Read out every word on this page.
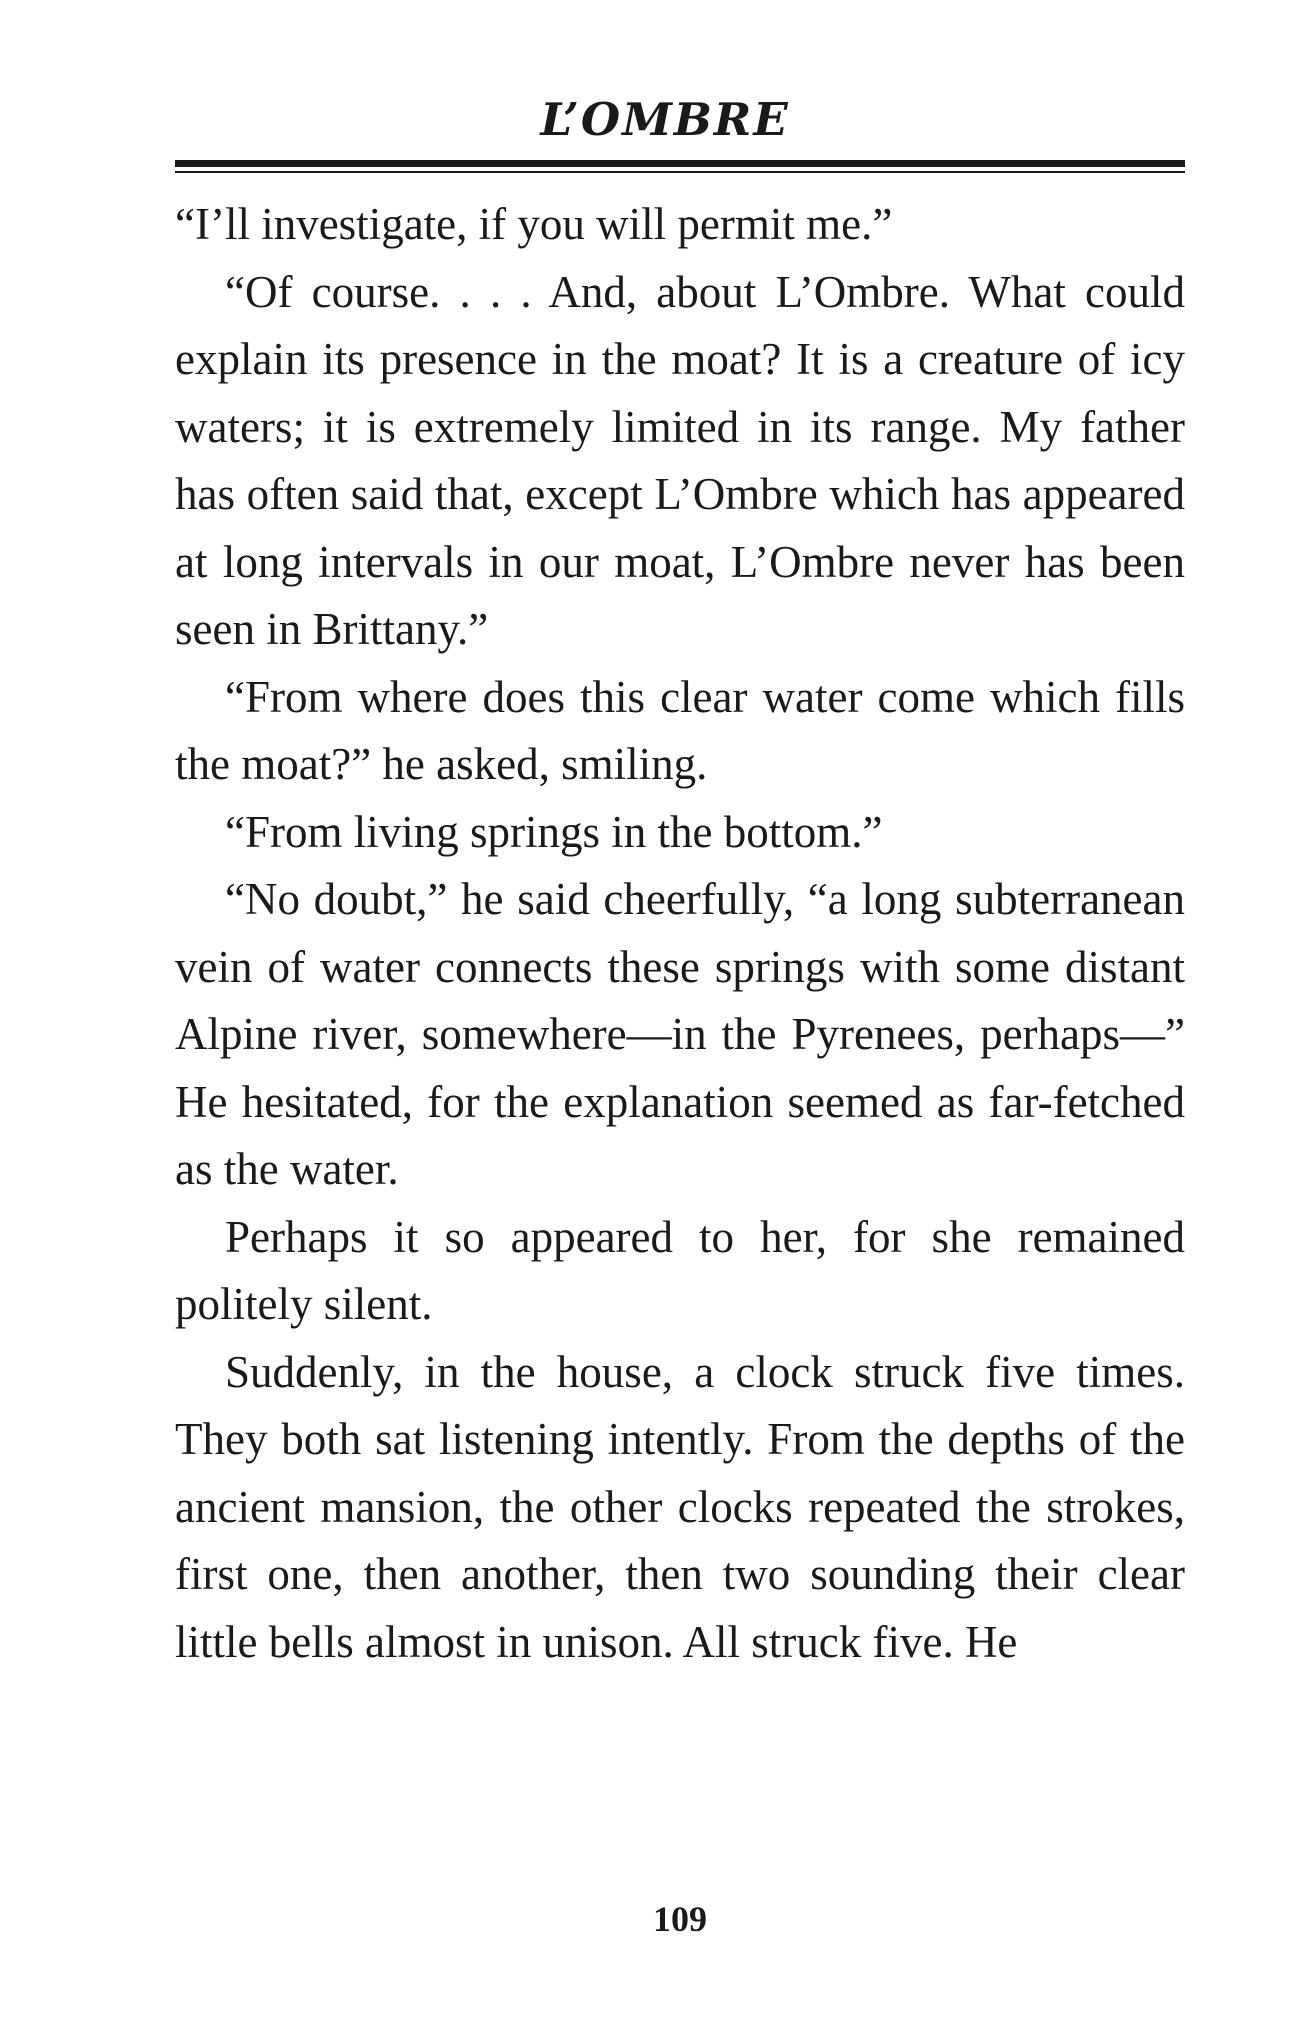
L’OMBRE

“I’ll investigate, if you will permit me.”

“Of course. . . . And, about L’Ombre. What could explain its presence in the moat? It is a creature of icy waters; it is extremely limited in its range. My father has often said that, except L’Ombre which has appeared at long intervals in our moat, L’Ombre never has been seen in Brittany.”

“From where does this clear water come which fills the moat?” he asked, smiling.

“From living springs in the bottom.”

“No doubt,” he said cheerfully, “a long subterranean vein of water connects these springs with some distant Alpine river, somewhere—in the Pyrenees, perhaps—” He hesitated, for the explanation seemed as far-fetched as the water.

Perhaps it so appeared to her, for she remained politely silent.

Suddenly, in the house, a clock struck five times. They both sat listening intently. From the depths of the ancient mansion, the other clocks repeated the strokes, first one, then another, then two sounding their clear little bells almost in unison. All struck five. He

109
